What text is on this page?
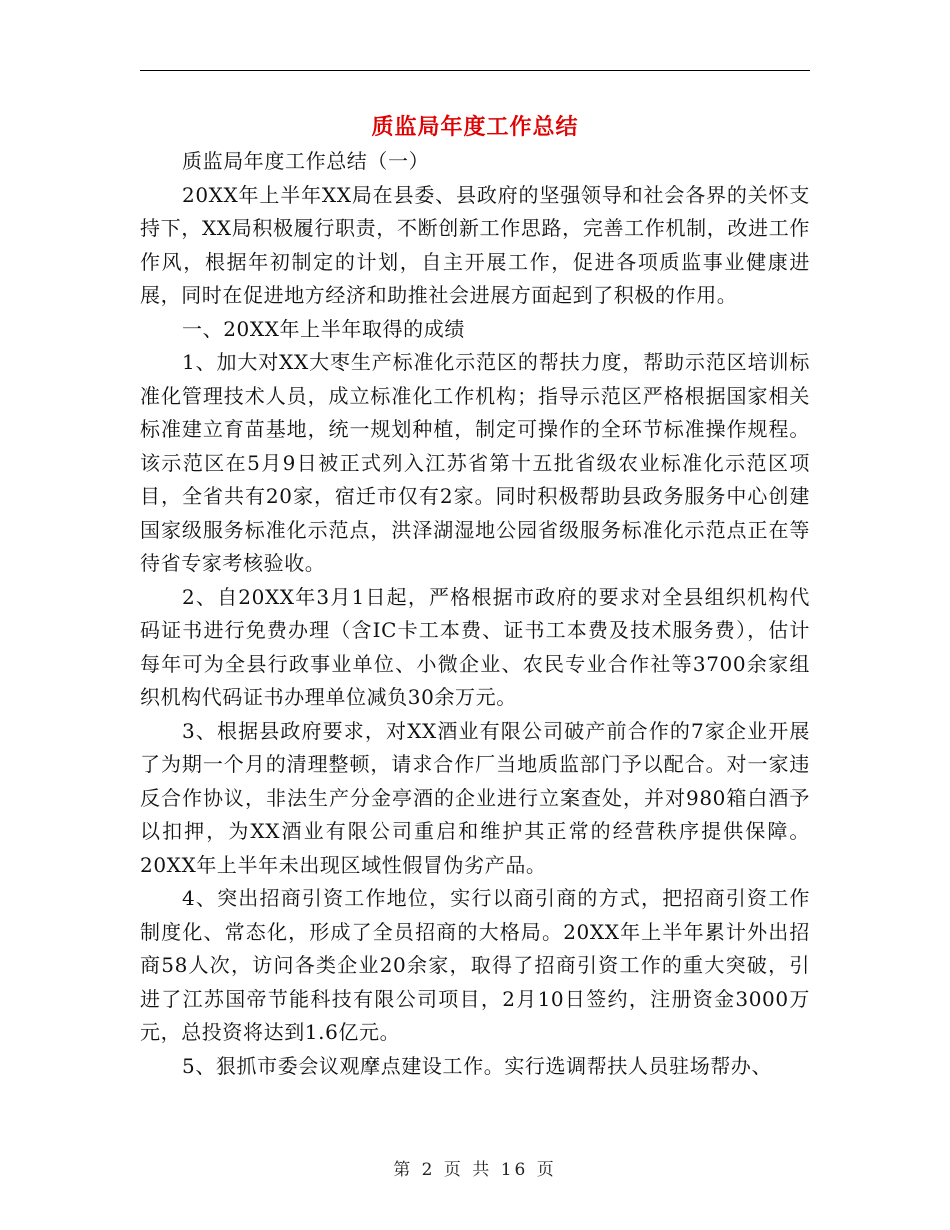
质监局年度工作总结

质监局年度工作总结（一）

20XX年上半年XX局在县委、县政府的坚强领导和社会各界的关怀支持下，XX局积极履行职责，不断创新工作思路，完善工作机制，改进工作作风，根据年初制定的计划，自主开展工作，促进各项质监事业健康进展，同时在促进地方经济和助推社会进展方面起到了积极的作用。

一、20XX年上半年取得的成绩

1、加大对XX大枣生产标准化示范区的帮扶力度，帮助示范区培训标准化管理技术人员，成立标准化工作机构；指导示范区严格根据国家相关标准建立育苗基地，统一规划种植，制定可操作的全环节标准操作规程。该示范区在5月9日被正式列入江苏省第十五批省级农业标准化示范区项目，全省共有20家，宿迁市仅有2家。同时积极帮助县政务服务中心创建国家级服务标准化示范点，洪泽湖湿地公园省级服务标准化示范点正在等待省专家考核验收。

2、自20XX年3月1日起，严格根据市政府的要求对全县组织机构代码证书进行免费办理（含IC卡工本费、证书工本费及技术服务费），估计每年可为全县行政事业单位、小微企业、农民专业合作社等3700余家组织机构代码证书办理单位减负30余万元。

3、根据县政府要求，对XX酒业有限公司破产前合作的7家企业开展了为期一个月的清理整顿，请求合作厂当地质监部门予以配合。对一家违反合作协议，非法生产分金亭酒的企业进行立案查处，并对980箱白酒予以扣押，为XX酒业有限公司重启和维护其正常的经营秩序提供保障。20XX年上半年未出现区域性假冒伪劣产品。

4、突出招商引资工作地位，实行以商引商的方式，把招商引资工作制度化、常态化，形成了全员招商的大格局。20XX年上半年累计外出招商58人次，访问各类企业20余家，取得了招商引资工作的重大突破，引进了江苏国帝节能科技有限公司项目，2月10日签约，注册资金3000万元，总投资将达到1.6亿元。

5、狠抓市委会议观摩点建设工作。实行选调帮扶人员驻场帮办、

第 2 页 共 16 页
